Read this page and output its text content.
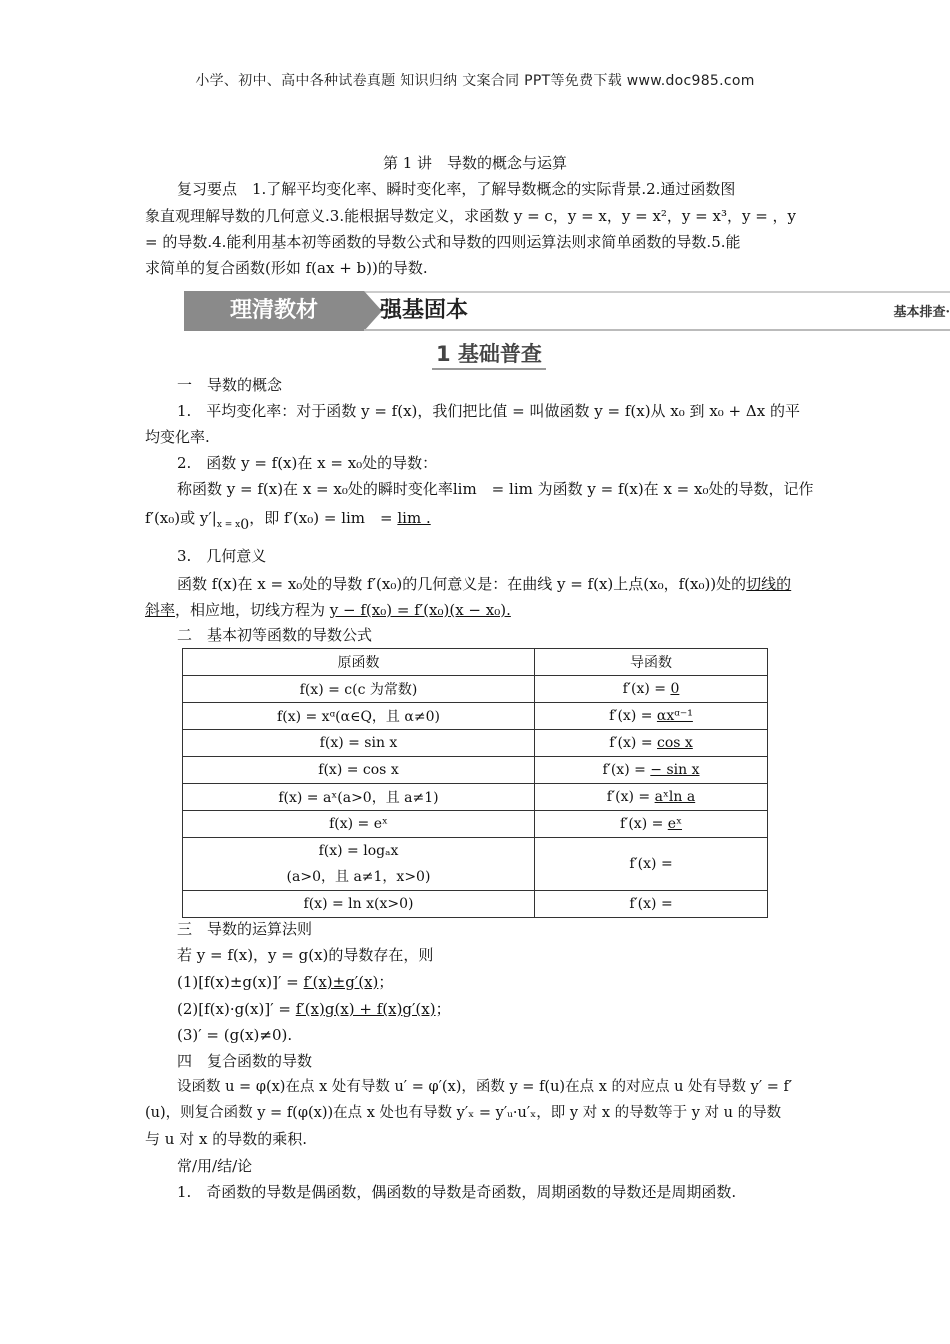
小学、初中、高中各种试卷真题 知识归纳 文案合同 PPT等免费下载 www.doc985.com
第 1 讲　导数的概念与运算
复习要点　1.了解平均变化率、瞬时变化率，了解导数概念的实际背景.2.通过函数图
象直观理解导数的几何意义.3.能根据导数定义，求函数 y = c，y = x，y = x²，y = x³，y = ，y
= 的导数.4.能利用基本初等函数的导数公式和导数的四则运算法则求简单函数的导数.5.能
求简单的复合函数(形如 f(ax + b))的导数.
理清教材	强基固本	基本排查·
1 基础普查
一　导数的概念
1.　平均变化率：对于函数 y = f(x)，我们把比值 = 叫做函数 y = f(x)从 x₀ 到 x₀ + Δx 的平
均变化率.
2.　函数 y = f(x)在 x = x₀处的导数：
称函数 y = f(x)在 x = x₀处的瞬时变化率lim　= lim 为函数 y = f(x)在 x = x₀处的导数，记作
f′(x₀)或 $y'|_{x = x}0$，即 f′(x₀) = lim　= lim .
3.　几何意义
函数 f(x)在 x = x₀处的导数 f′(x₀)的几何意义是：在曲线 y = f(x)上点(x₀，f(x₀))处的切线的
斜率，相应地，切线方程为 y − f(x₀) = f′(x₀)(x − x₀).
二　基本初等函数的导数公式
原函数	导函数
f(x) = c(c 为常数)	f′(x) = 0
f(x) = xᵅ(α∈Q，且 α≠0)	f′(x) = αxᵅ⁻¹
f(x) = sin x	f′(x) = cos x
f(x) = cos x	f′(x) = − sin x
f(x) = aˣ(a>0，且 a≠1)	f′(x) = aˣln a
f(x) = eˣ	f′(x) = eˣ

f(x) = logₐx
(a>0，且 a≠1，x>0)	f′(x) =
f(x) = ln x(x>0)	f′(x) =
三　导数的运算法则
若 y = f(x)，y = g(x)的导数存在，则
(1)[f(x)±g(x)]′ = f′(x)±g′(x)；
(2)[f(x)·g(x)]′ = f′(x)g(x) + f(x)g′(x)；
(3)′ = (g(x)≠0).
四　复合函数的导数
设函数 u = φ(x)在点 x 处有导数 u′ = φ′(x)，函数 y = f(u)在点 x 的对应点 u 处有导数 y′ = f′
(u)，则复合函数 y = f(φ(x))在点 x 处也有导数 y′ₓ = y′ᵤ·u′ₓ，即 y 对 x 的导数等于 y 对 u 的导数
与 u 对 x 的导数的乘积.
常/用/结/论
1.　奇函数的导数是偶函数，偶函数的导数是奇函数，周期函数的导数还是周期函数.
